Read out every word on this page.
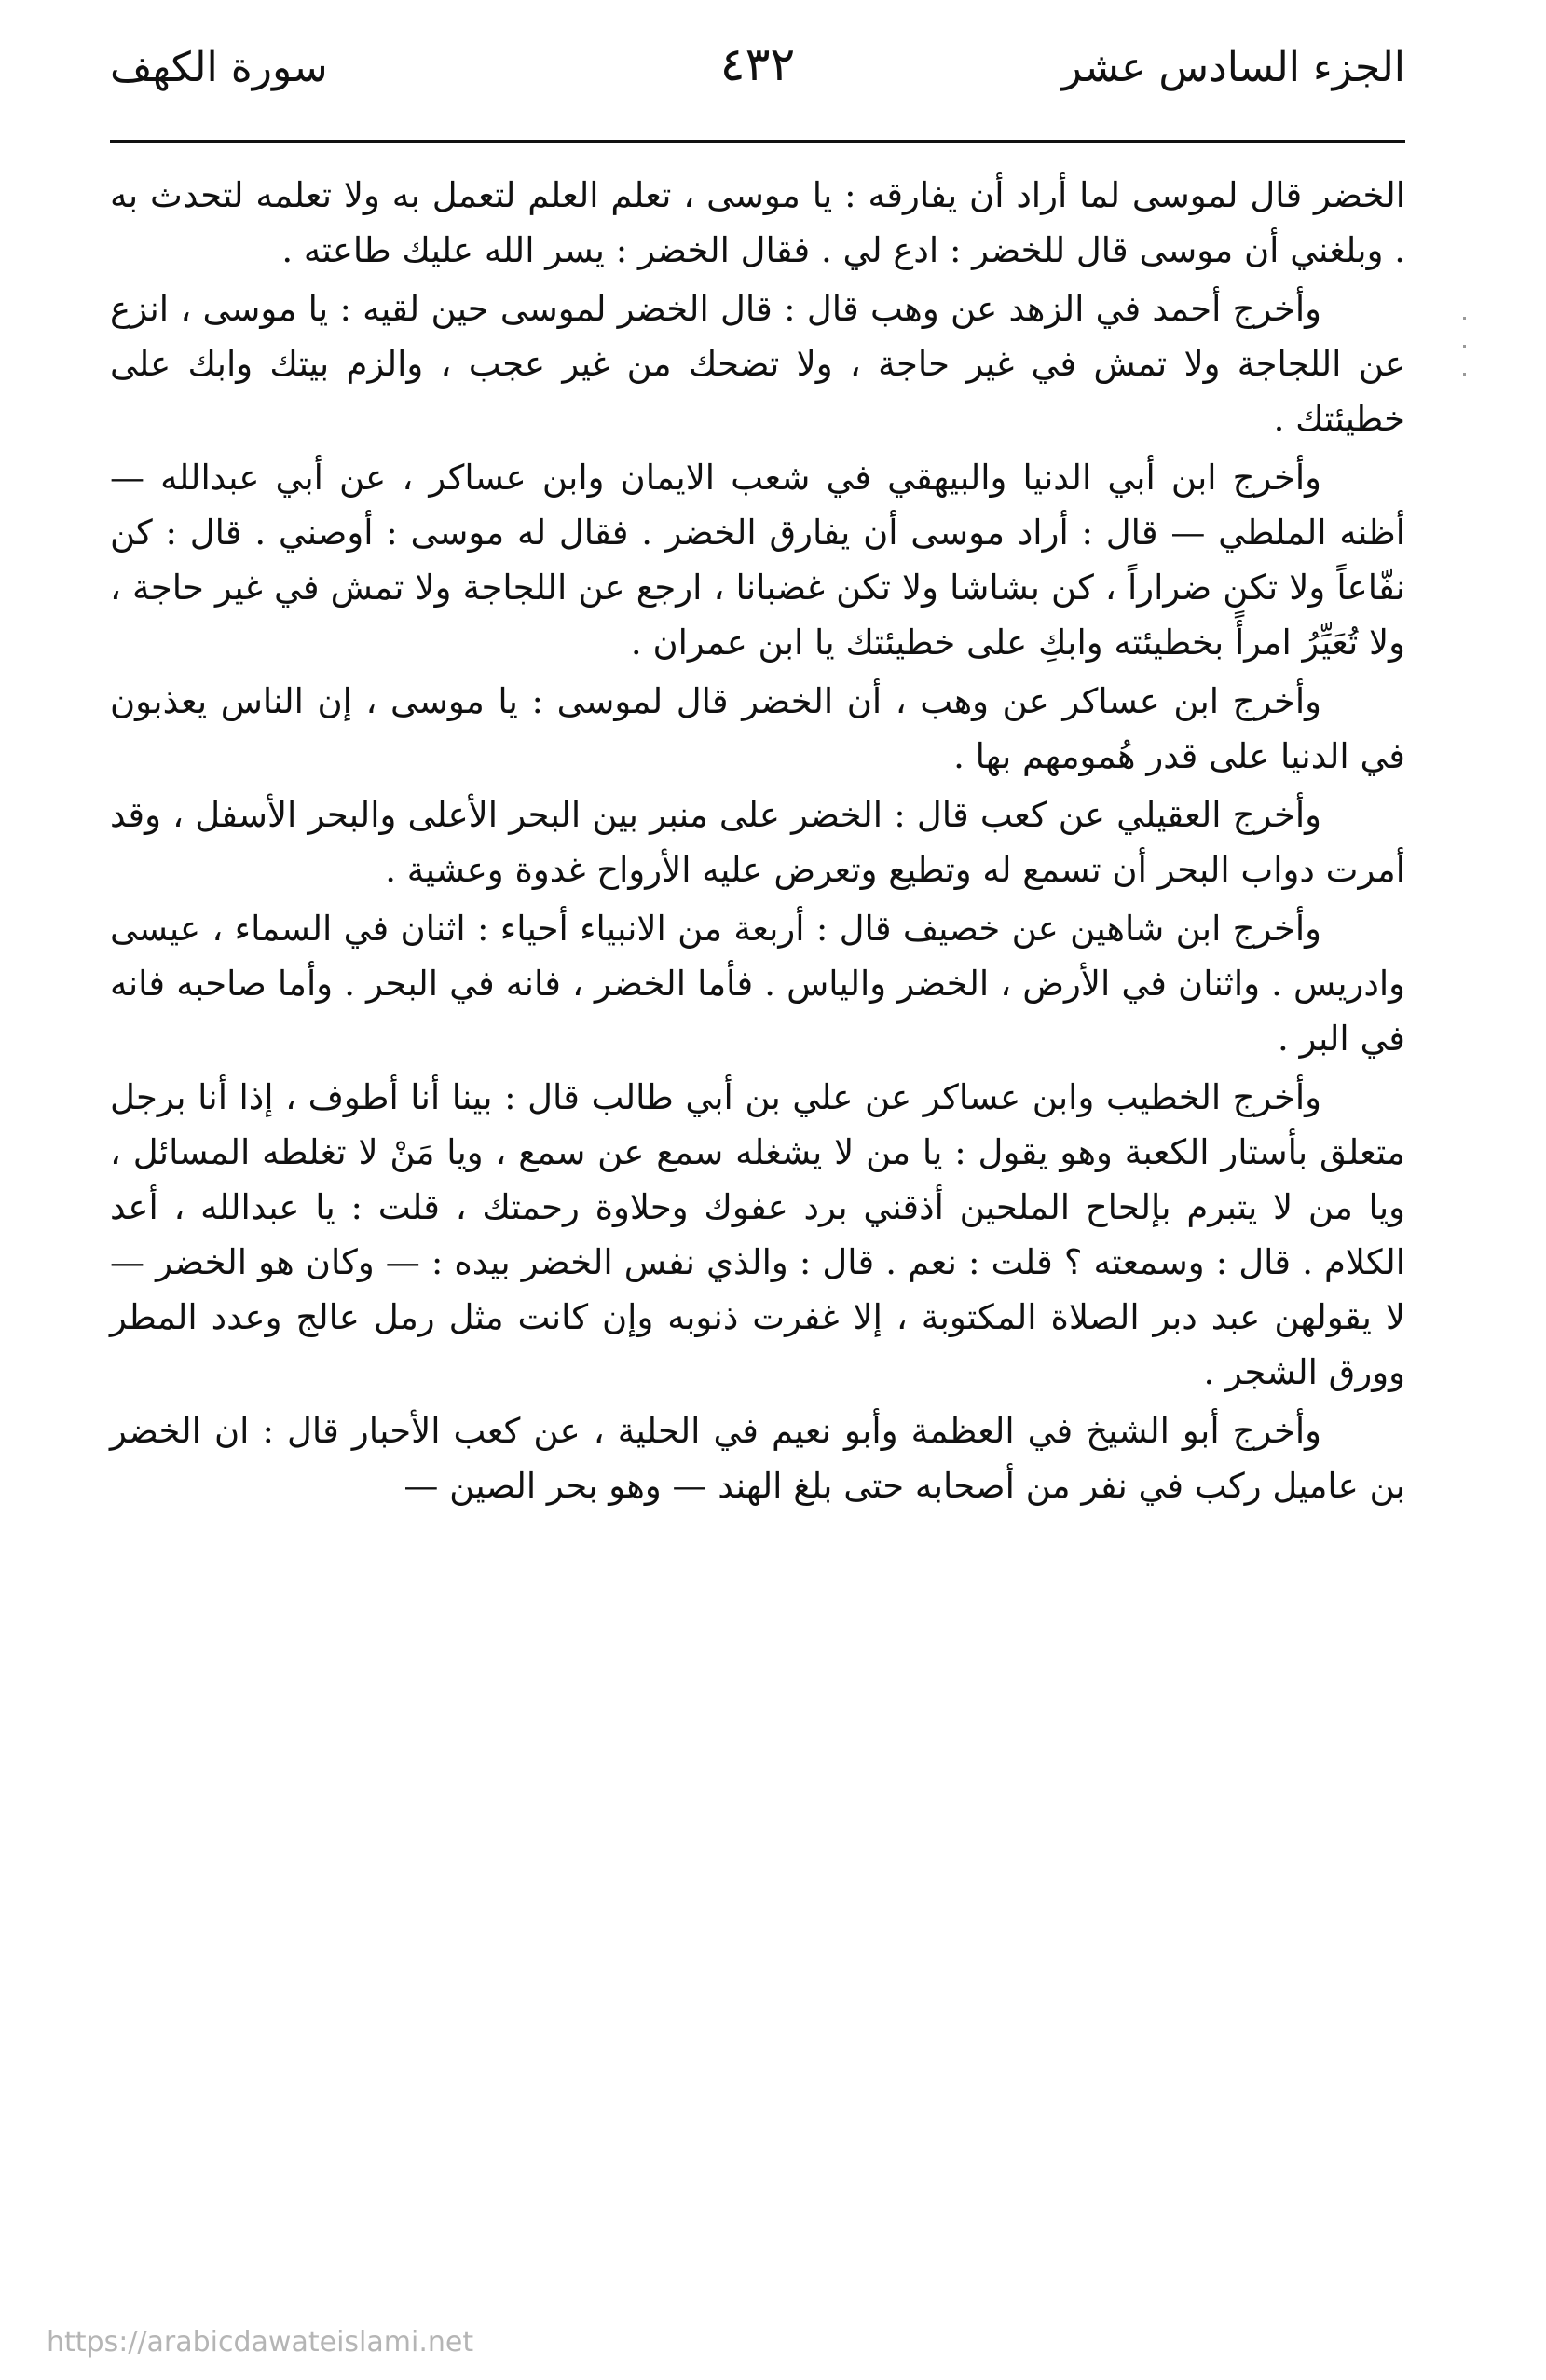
الجزء السادس عشر
٤٣٢
سورة الكهف

الخضر قال لموسى لما أراد أن يفارقه : يا موسى ، تعلم العلم لتعمل به ولا تعلمه لتحدث به . وبلغني أن موسى قال للخضر : ادع لي . فقال الخضر : يسر الله عليك طاعته .

وأخرج أحمد في الزهد عن وهب قال : قال الخضر لموسى حين لقيه : يا موسى ، انزع عن اللجاجة ولا تمش في غير حاجة ، ولا تضحك من غير عجب ، والزم بيتك وابك على خطيئتك .

وأخرج ابن أبي الدنيا والبيهقي في شعب الايمان وابن عساكر ، عن أبي عبدالله — أظنه الملطي — قال : أراد موسى أن يفارق الخضر . فقال له موسى : أوصني . قال : كن نفّاعاً ولا تكن ضراراً ، كن بشاشا ولا تكن غضبانا ، ارجع عن اللجاجة ولا تمش في غير حاجة ، ولا تُعَيِّرُ امرأً بخطيئته وابكِ على خطيئتك يا ابن عمران .

وأخرج ابن عساكر عن وهب ، أن الخضر قال لموسى : يا موسى ، إن الناس يعذبون في الدنيا على قدر هُمومهم بها .

وأخرج العقيلي عن كعب قال : الخضر على منبر بين البحر الأعلى والبحر الأسفل ، وقد أمرت دواب البحر أن تسمع له وتطيع وتعرض عليه الأرواح غدوة وعشية .

وأخرج ابن شاهين عن خصيف قال : أربعة من الانبياء أحياء : اثنان في السماء ، عيسى وادريس . واثنان في الأرض ، الخضر والياس . فأما الخضر ، فانه في البحر . وأما صاحبه فانه في البر .

وأخرج الخطيب وابن عساكر عن علي بن أبي طالب قال : بينا أنا أطوف ، إذا أنا برجل متعلق بأستار الكعبة وهو يقول : يا من لا يشغله سمع عن سمع ، ويا مَنْ لا تغلطه المسائل ، ويا من لا يتبرم بإلحاح الملحين أذقني برد عفوك وحلاوة رحمتك ، قلت : يا عبدالله ، أعد الكلام . قال : وسمعته ؟ قلت : نعم . قال : والذي نفس الخضر بيده : — وكان هو الخضر — لا يقولهن عبد دبر الصلاة المكتوبة ، إلا غفرت ذنوبه وإن كانت مثل رمل عالج وعدد المطر وورق الشجر .

وأخرج أبو الشيخ في العظمة وأبو نعيم في الحلية ، عن كعب الأحبار قال : ان الخضر بن عاميل ركب في نفر من أصحابه حتى بلغ الهند — وهو بحر الصين —

https://arabicdawateislami.net
